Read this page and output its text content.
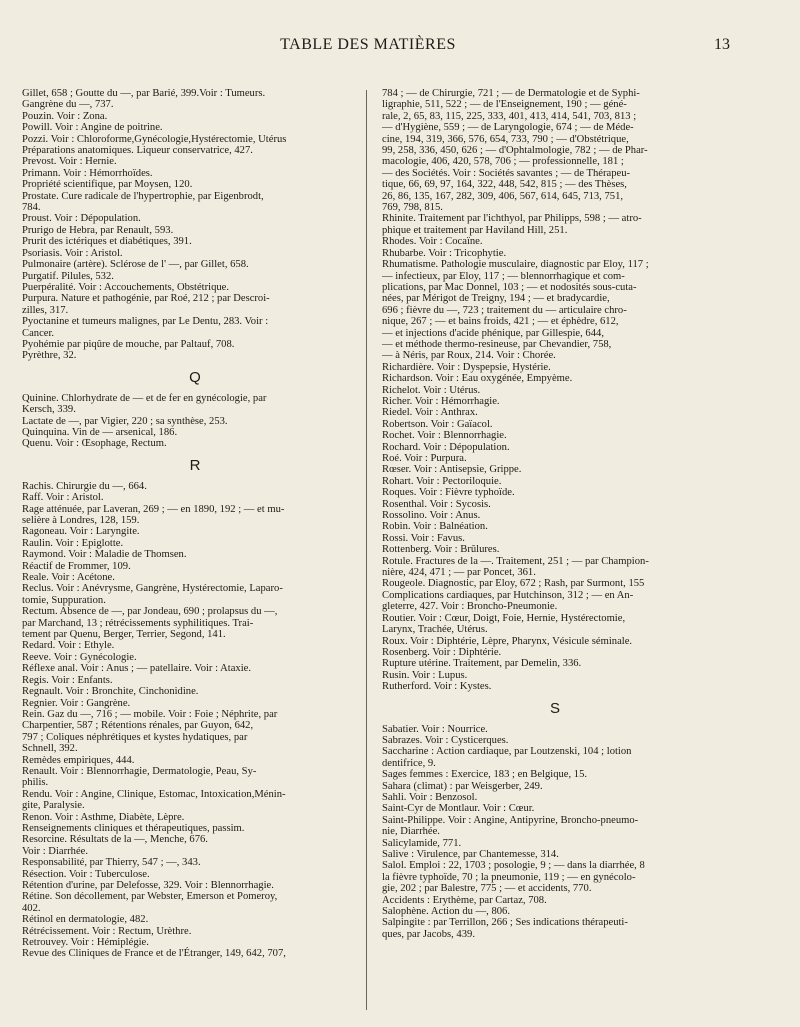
TABLE DES MATIÈRES	13
Gillet, 658 ; Goutte du —, par Barié, 399.Voir : Tumeurs.
Gangrène du —, 737.
Pouzin. Voir : Zona.
Powill. Voir : Angine de poitrine.
Pozzi. Voir : Chloroforme,Gynécologie,Hystérectomie, Utérus
Préparations anatomiques. Liqueur conservatrice, 427.
Prevost. Voir : Hernie.
Primann. Voir : Hémorrhoïdes.
Propriété scientifique, par Moysen, 120.
Prostate. Cure radicale de l'hypertrophie, par Eigenbrodt,
784.
Proust. Voir : Dépopulation.
Prurigo de Hebra, par Renault, 593.
Prurit des ictériques et diabétiques, 391.
Psoriasis. Voir : Aristol.
Pulmonaire (artère). Sclérose de l' —, par Gillet, 658.
Purgatif. Pilules, 532.
Puerpéralité. Voir : Accouchements, Obstétrique.
Purpura. Nature et pathogénie, par Roé, 212 ; par Descroi-
zilles, 317.
Pyoctanine et tumeurs malignes, par Le Dentu, 283. Voir :
Cancer.
Pyohémie par piqûre de mouche, par Paltauf, 708.
Pyrèthre, 32.
Q
Quinine. Chlorhydrate de — et de fer en gynécologie, par
Kersch, 339.
Lactate de —, par Vigier, 220 ; sa synthèse, 253.
Quinquina. Vin de — arsenical, 186.
Quenu. Voir : Œsophage, Rectum.
R
Rachis. Chirurgie du —, 664.
Raff. Voir : Aristol.
Rage atténuée, par Laveran, 269 ; — en 1890, 192 ; — et mu-
selière à Londres, 128, 159.
Ragoneau. Voir : Laryngite.
Raulin. Voir : Epiglotte.
Raymond. Voir : Maladie de Thomsen.
Réactif de Frommer, 109.
Reale. Voir : Acétone.
Reclus. Voir : Anévrysme, Gangrène, Hystérectomie, Laparo-
tomie, Suppuration.
Rectum. Absence de —, par Jondeau, 690 ; prolapsus du —,
par Marchand, 13 ; rétrécissements syphilitiques. Trai-
tement par Quenu, Berger, Terrier, Segond, 141.
Redard. Voir : Ethyle.
Reeve. Voir : Gynécologie.
Réflexe anal. Voir : Anus ; — patellaire. Voir : Ataxie.
Regis. Voir : Enfants.
Regnault. Voir : Bronchite, Cinchonidine.
Regnier. Voir : Gangrène.
Rein. Gaz du —, 716 ; — mobile. Voir : Foie ; Néphrite, par
Charpentier, 587 ; Rétentions rénales, par Guyon, 642,
797 ; Coliques néphrétiques et kystes hydatiques, par
Schnell, 392.
Remèdes empiriques, 444.
Renault. Voir : Blennorrhagie, Dermatologie, Peau, Sy-
philis.
Rendu. Voir : Angine, Clinique, Estomac, Intoxication,Ménin-
gite, Paralysie.
Renon. Voir : Asthme, Diabète, Lèpre.
Renseignements cliniques et thérapeutiques, passim.
Resorcine. Résultats de la —, Menche, 676.
Voir : Diarrhée.
Responsabilité, par Thierry, 547 ; —, 343.
Résection. Voir : Tuberculose.
Rétention d'urine, par Delefosse, 329. Voir : Blennorrhagie.
Rétine. Son décollement, par Webster, Emerson et Pomeroy,
402.
Rétinol en dermatologie, 482.
Rétrécissement. Voir : Rectum, Urèthre.
Retrouvey. Voir : Hémiplégie.
Revue des Cliniques de France et de l'Étranger, 149, 642, 707,
784 ; — de Chirurgie, 721 ; — de Dermatologie et de Syphi-
ligraphie, 511, 522 ; — de l'Enseignement, 190 ; — géné-
rale, 2, 65, 83, 115, 225, 333, 401, 413, 414, 541, 703, 813 ;
— d'Hygiène, 559 ; — de Laryngologie, 674 ; — de Méde-
cine, 194, 319, 366, 576, 654, 733, 790 ; — d'Obstétrique,
99, 258, 336, 450, 626 ; — d'Ophtalmologie, 782 ; — de Phar-
macologie, 406, 420, 578, 706 ; — professionnelle, 181 ;
— des Sociétés. Voir : Sociétés savantes ; — de Thérapeu-
tique, 66, 69, 97, 164, 322, 448, 542, 815 ; — des Thèses,
26, 86, 135, 167, 282, 309, 406, 567, 614, 645, 713, 751,
769, 798, 815.
Rhinite. Traitement par l'ichthyol, par Philipps, 598 ; — atro-
phique et traitement par Haviland Hill, 251.
Rhodes. Voir : Cocaïne.
Rhubarbe. Voir : Tricophytie.
Rhumatisme. Pathologie musculaire, diagnostic par Eloy, 117 ;
— infectieux, par Eloy, 117 ; — blennorrhagique et com-
plications, par Mac Donnel, 103 ; — et nodosités sous-cuta-
nées, par Mérigot de Treigny, 194 ; — et bradycardie,
696 ; fièvre du —, 723 ; traitement du — articulaire chro-
nique, 267 ; — et bains froids, 421 ; — et éphèdre, 612,
— et injections d'acide phénique, par Gillespie, 644,
— et méthode thermo-resineuse, par Chevandier, 758,
— à Néris, par Roux, 214. Voir : Chorée.
Richardière. Voir : Dyspepsie, Hystérie.
Richardson. Voir : Eau oxygénée, Empyème.
Richelot. Voir : Utérus.
Richer. Voir : Hémorrhagie.
Riedel. Voir : Anthrax.
Robertson. Voir : Gaïacol.
Rochet. Voir : Blennorrhagie.
Rochard. Voir : Dépopulation.
Roé. Voir : Purpura.
Rœser. Voir : Antisepsie, Grippe.
Rohart. Voir : Pectoriloquie.
Roques. Voir : Fièvre typhoïde.
Rosenthal. Voir : Sycosis.
Rossolino. Voir : Anus.
Robin. Voir : Balnéation.
Rossi. Voir : Favus.
Rottenberg. Voir : Brûlures.
Rotule. Fractures de la —. Traitement, 251 ; — par Champion-
nière, 424, 471 ; — par Poncet, 361.
Rougeole. Diagnostic, par Eloy, 672 ; Rash, par Surmont, 155
Complications cardiaques, par Hutchinson, 312 ; — en An-
gleterre, 427. Voir : Broncho-Pneumonie.
Routier. Voir : Cœur, Doigt, Foie, Hernie, Hystérectomie,
Larynx, Trachée, Utérus.
Roux. Voir : Diphtérie, Lèpre, Pharynx, Vésicule séminale.
Rosenberg. Voir : Diphtérie.
Rupture utérine. Traitement, par Demelin, 336.
Rusin. Voir : Lupus.
Rutherford. Voir : Kystes.
S
Sabatier. Voir : Nourrice.
Sabrazes. Voir : Cysticerques.
Saccharine : Action cardiaque, par Loutzenski, 104 ; lotion
dentifrice, 9.
Sages femmes : Exercice, 183 ; en Belgique, 15.
Sahara (climat) : par Weisgerber, 249.
Sahli. Voir : Benzosol.
Saint-Cyr de Montlaur. Voir : Cœur.
Saint-Philippe. Voir : Angine, Antipyrine, Broncho-pneumo-
nie, Diarrhée.
Salicylamide, 771.
Salive : Virulence, par Chantemesse, 314.
Salol. Emploi : 22, 1703 ; posologie, 9 ; — dans la diarrhée, 8
la fièvre typhoïde, 70 ; la pneumonie, 119 ; — en gynécolo-
gie, 202 ; par Balestre, 775 ; — et accidents, 770.
Accidents : Erythème, par Cartaz, 708.
Salophène. Action du —, 806.
Salpingite : par Terrillon, 266 ; Ses indications thérapeuti-
ques, par Jacobs, 439.
